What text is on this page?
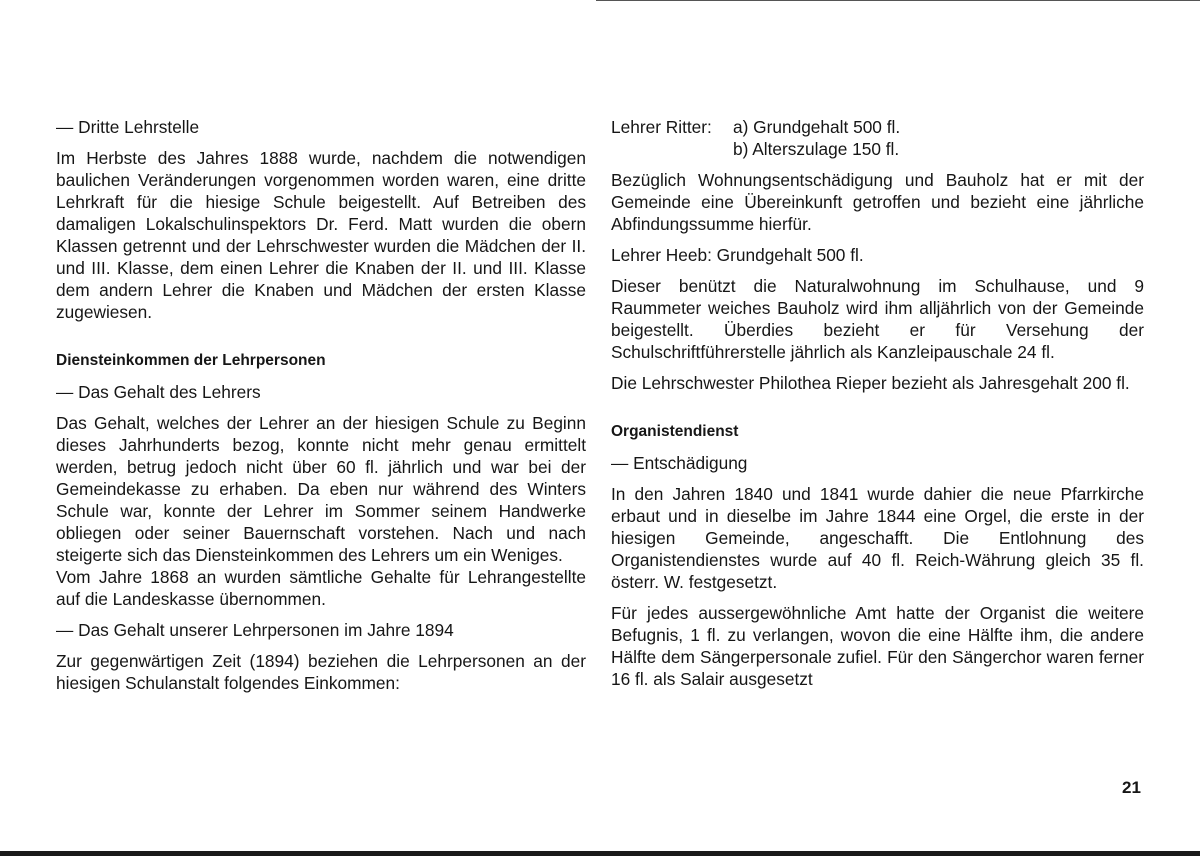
— Dritte Lehrstelle

Im Herbste des Jahres 1888 wurde, nachdem die notwendigen baulichen Veränderungen vorgenommen worden waren, eine dritte Lehrkraft für die hiesige Schule beigestellt. Auf Betreiben des damaligen Lokalschulinspektors Dr. Ferd. Matt wurden die obern Klassen getrennt und der Lehrschwester wurden die Mädchen der II. und III. Klasse, dem einen Lehrer die Knaben der II. und III. Klasse dem andern Lehrer die Knaben und Mädchen der ersten Klasse zugewiesen.

Diensteinkommen der Lehrpersonen
— Das Gehalt des Lehrers

Das Gehalt, welches der Lehrer an der hiesigen Schule zu Beginn dieses Jahrhunderts bezog, konnte nicht mehr genau ermittelt werden, betrug jedoch nicht über 60 fl. jährlich und war bei der Gemeindekasse zu erhaben. Da eben nur während des Winters Schule war, konnte der Lehrer im Sommer seinem Handwerke obliegen oder seiner Bauernschaft vorstehen. Nach und nach steigerte sich das Diensteinkommen des Lehrers um ein Weniges.

Vom Jahre 1868 an wurden sämtliche Gehalte für Lehrangestellte auf die Landeskasse übernommen.

— Das Gehalt unserer Lehrpersonen im Jahre 1894

Zur gegenwärtigen Zeit (1894) beziehen die Lehrpersonen an der hiesigen Schulanstalt folgendes Einkommen:

Lehrer Ritter:	a) Grundgehalt 500 fl.
b) Alterszulage 150 fl.

Bezüglich Wohnungsentschädigung und Bauholz hat er mit der Gemeinde eine Übereinkunft getroffen und bezieht eine jährliche Abfindungssumme hierfür.

Lehrer Heeb: Grundgehalt 500 fl.

Dieser benützt die Naturalwohnung im Schulhause, und 9 Raummeter weiches Bauholz wird ihm alljährlich von der Gemeinde beigestellt. Überdies bezieht er für Versehung der Schulschriftführerstelle jährlich als Kanzleipauschale 24 fl.

Die Lehrschwester Philothea Rieper bezieht als Jahresgehalt 200 fl.

Organistendienst
— Entschädigung

In den Jahren 1840 und 1841 wurde dahier die neue Pfarrkirche erbaut und in dieselbe im Jahre 1844 eine Orgel, die erste in der hiesigen Gemeinde, angeschafft. Die Entlohnung des Organistendienstes wurde auf 40 fl. Reich-Währung gleich 35 fl. österr. W. festgesetzt.

Für jedes aussergewöhnliche Amt hatte der Organist die weitere Befugnis, 1 fl. zu verlangen, wovon die eine Hälfte ihm, die andere Hälfte dem Sängerpersonale zufiel. Für den Sängerchor waren ferner 16 fl. als Salair ausgesetzt

21
